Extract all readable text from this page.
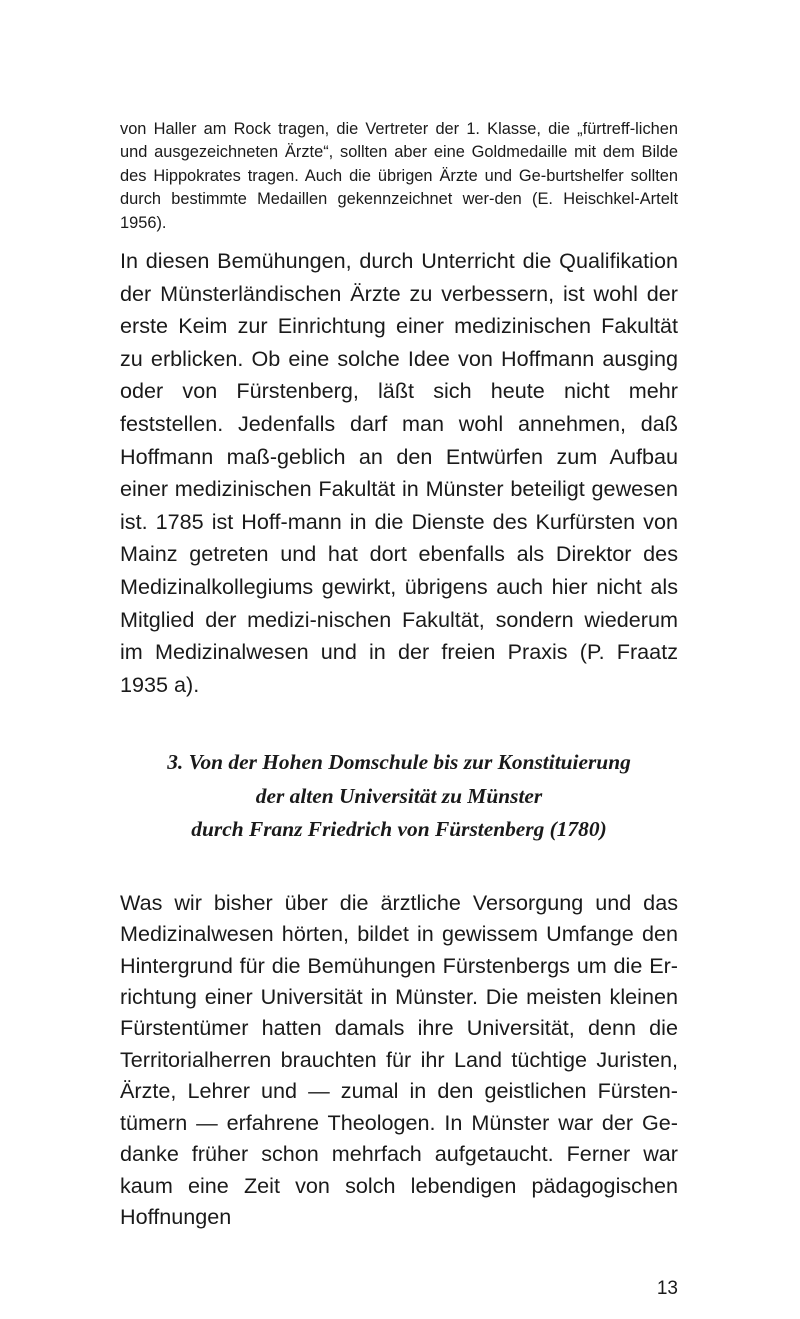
von Haller am Rock tragen, die Vertreter der 1. Klasse, die „fürtreff-lichen und ausgezeichneten Ärzte“, sollten aber eine Goldmedaille mit dem Bilde des Hippokrates tragen. Auch die übrigen Ärzte und Ge-burtshelfer sollten durch bestimmte Medaillen gekennzeichnet wer-den (E. Heischkel-Artelt 1956).

In diesen Bemühungen, durch Unterricht die Qualifikation der Münsterländischen Ärzte zu verbessern, ist wohl der erste Keim zur Einrichtung einer medizinischen Fakultät zu erblicken. Ob eine solche Idee von Hoffmann ausging oder von Fürstenberg, läßt sich heute nicht mehr feststellen. Jedenfalls darf man wohl annehmen, daß Hoffmann maß-geblich an den Entwürfen zum Aufbau einer medizinischen Fakultät in Münster beteiligt gewesen ist. 1785 ist Hoff-mann in die Dienste des Kurfürsten von Mainz getreten und hat dort ebenfalls als Direktor des Medizinalkollegiums gewirkt, übrigens auch hier nicht als Mitglied der medizi-nischen Fakultät, sondern wiederum im Medizinalwesen und in der freien Praxis (P. Fraatz 1935 a).

3. Von der Hohen Domschule bis zur Konstituierung
der alten Universität zu Münster
durch Franz Friedrich von Fürstenberg (1780)

Was wir bisher über die ärztliche Versorgung und das Medizinalwesen hörten, bildet in gewissem Umfange den Hintergrund für die Bemühungen Fürstenbergs um die Er-richtung einer Universität in Münster. Die meisten kleinen Fürstentümer hatten damals ihre Universität, denn die Territorialherren brauchten für ihr Land tüchtige Juristen, Ärzte, Lehrer und — zumal in den geistlichen Fürsten-tümern — erfahrene Theologen. In Münster war der Ge-danke früher schon mehrfach aufgetaucht. Ferner war kaum eine Zeit von solch lebendigen pädagogischen Hoffnungen

13
